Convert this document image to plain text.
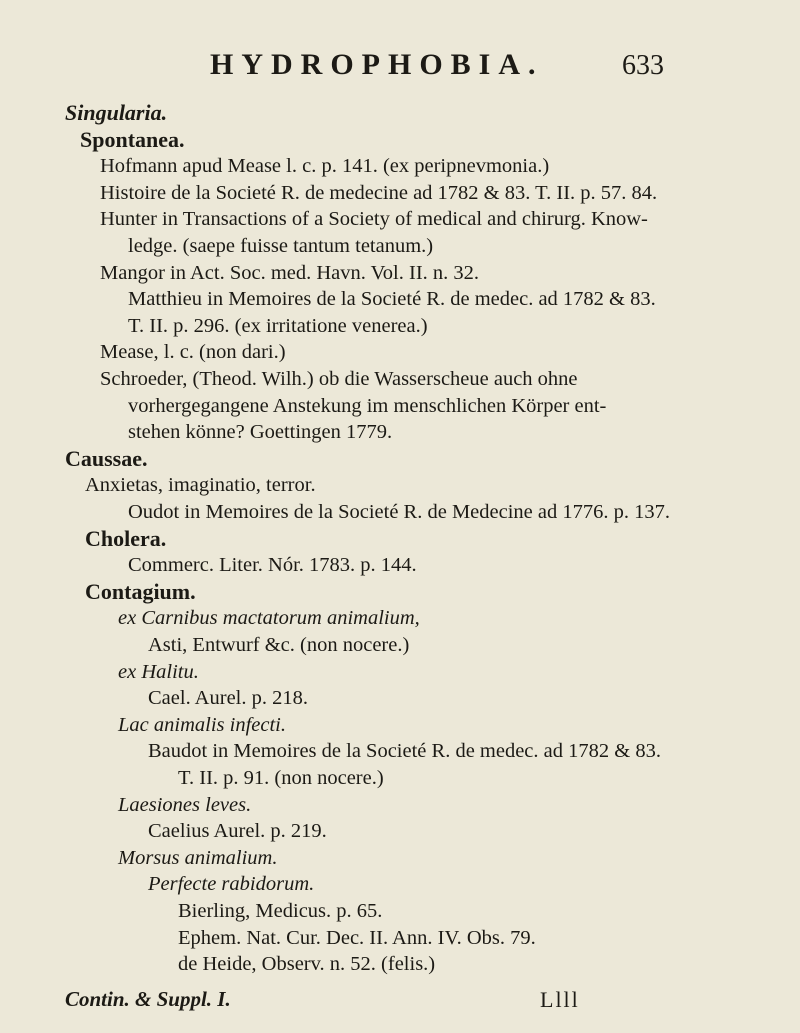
HYDROPHOBIA.	633
Singularia.
Spontanea.
Hofmann apud Mease l. c. p. 141. (ex peripnevmonia.)
Histoire de la Societé R. de medecine ad 1782 & 83. T. II. p. 57. 84.
Hunter in Transactions of a Society of medical and chirurg. Know-
ledge. (saepe fuisse tantum tetanum.)
Mangor in Act. Soc. med. Havn. Vol. II. n. 32.
Matthieu in Memoires de la Societé R. de medec. ad 1782 & 83.
T. II. p. 296. (ex irritatione venerea.)
Mease, l. c. (non dari.)
Schroeder, (Theod. Wilh.) ob die Wasserscheue auch ohne
vorhergegangene Anstekung im menschlichen Körper ent-
stehen könne? Goettingen 1779.
Caussae.
Anxietas, imaginatio, terror.
Oudot in Memoires de la Societé R. de Medecine ad 1776. p. 137.
Cholera.
Commerc. Liter. Nór. 1783. p. 144.
Contagium.
ex Carnibus mactatorum animalium,
Asti, Entwurf &c. (non nocere.)
ex Halitu.
Cael. Aurel. p. 218.
Lac animalis infecti.
Baudot in Memoires de la Societé R. de medec. ad 1782 & 83.
T. II. p. 91. (non nocere.)
Laesiones leves.
Caelius Aurel. p. 219.
Morsus animalium.
Perfecte rabidorum.
Bierling, Medicus. p. 65.
Ephem. Nat. Cur. Dec. II. Ann. IV. Obs. 79.
de Heide, Observ. n. 52. (felis.)
Contin. & Suppl. I.	Llll
